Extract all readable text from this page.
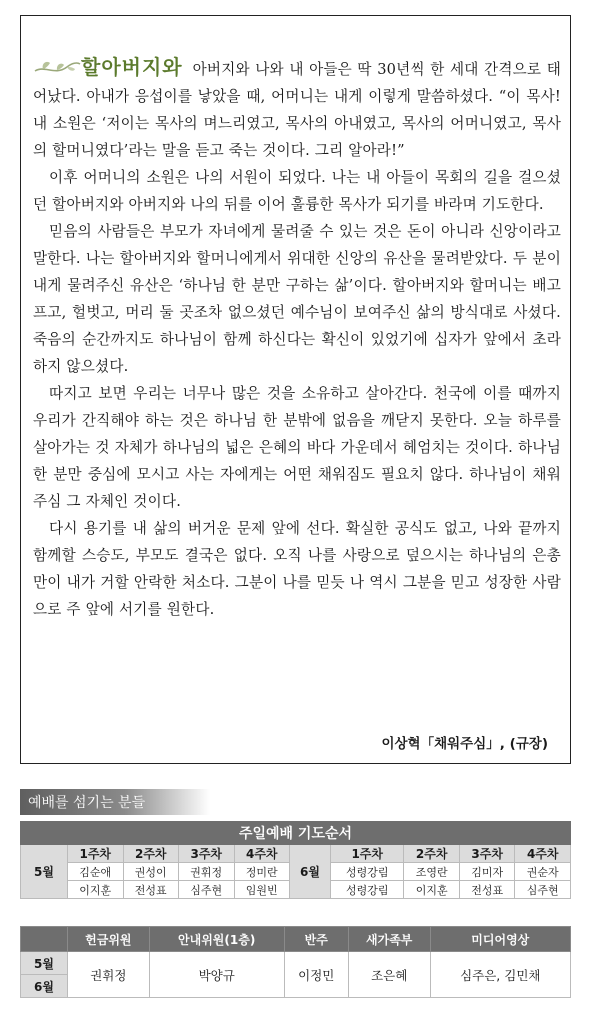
할아버지와 아버지와 나와 내 아들은 딱 30년씩 한 세대 간격으로 태어났다. 아내가 응섭이를 낳았을 때, 어머니는 내게 이렇게 말씀하셨다. “이 목사! 내 소원은 ‘저이는 목사의 며느리였고, 목사의 아내였고, 목사의 어머니였고, 목사의 할머니였다’라는 말을 듣고 죽는 것이다. 그리 알아라!”

이후 어머니의 소원은 나의 서원이 되었다. 나는 내 아들이 목회의 길을 걸으셨던 할아버지와 아버지와 나의 뒤를 이어 훌륭한 목사가 되기를 바라며 기도한다.

믿음의 사람들은 부모가 자녀에게 물려줄 수 있는 것은 돈이 아니라 신앙이라고 말한다. 나는 할아버지와 할머니에게서 위대한 신앙의 유산을 물려받았다. 두 분이 내게 물려주신 유산은 ‘하나님 한 분만 구하는 삶’이다. 할아버지와 할머니는 배고프고, 헐벗고, 머리 둘 곳조차 없으셨던 예수님이 보여주신 삶의 방식대로 사셨다. 죽음의 순간까지도 하나님이 함께 하신다는 확신이 있었기에 십자가 앞에서 초라하지 않으셨다.

따지고 보면 우리는 너무나 많은 것을 소유하고 살아간다. 천국에 이를 때까지 우리가 간직해야 하는 것은 하나님 한 분밖에 없음을 깨닫지 못한다. 오늘 하루를 살아가는 것 자체가 하나님의 넓은 은혜의 바다 가운데서 헤엄치는 것이다. 하나님 한 분만 중심에 모시고 사는 자에게는 어떤 채워짐도 필요치 않다. 하나님이 채워 주심 그 자체인 것이다.

다시 용기를 내 삶의 버거운 문제 앞에 선다. 확실한 공식도 없고, 나와 끝까지 함께할 스승도, 부모도 결국은 없다. 오직 나를 사랑으로 덮으시는 하나님의 은총만이 내가 거할 안락한 처소다. 그분이 나를 믿듯 나 역시 그분을 믿고 성장한 사람으로 주 앞에 서기를 원한다.

이상혁「채워주심」, (규장)
예배를 섬기는 분들
주일예배 기도순서									
5월	1주차	2주차	3주차	4주차	6월	1주차	2주차	3주차	4주차
	김순애	권성이	권휘정	정미란		성령강림	조영란	김미자	권순자
	이지훈	전성표	심주현	임원빈		성령강림	이지훈	전성표	심주현
	헌금위원	안내위원(1층)	반주	새가족부	미디어영상
5월	권휘정	박양규	이정민	조은혜	심주은, 김민채
6월					
